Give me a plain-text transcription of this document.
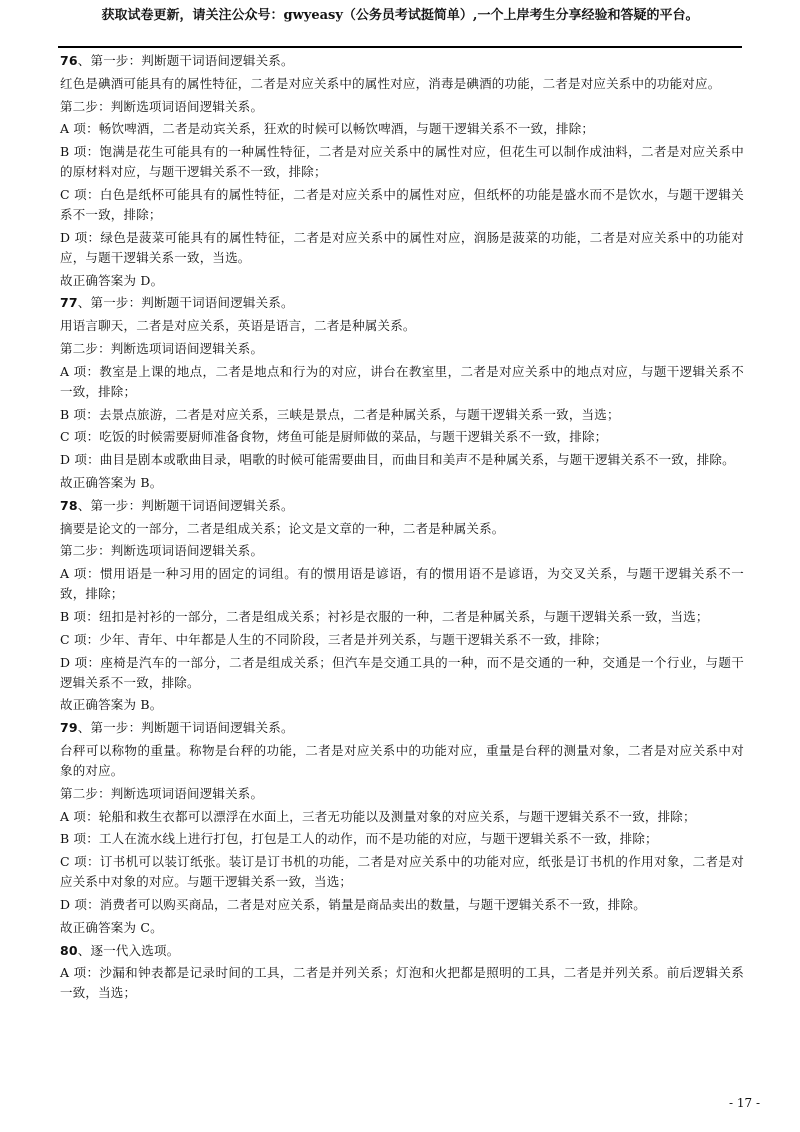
获取试卷更新，请关注公众号：gwyeasy（公务员考试挺简单）,一个上岸考生分享经验和答疑的平台。
76、第一步：判断题干词语间逻辑关系。
红色是碘酒可能具有的属性特征，二者是对应关系中的属性对应，消毒是碘酒的功能，二者是对应关系中的功能对应。
第二步：判断选项词语间逻辑关系。
A 项：畅饮啤酒，二者是动宾关系，狂欢的时候可以畅饮啤酒，与题干逻辑关系不一致，排除；
B 项：饱满是花生可能具有的一种属性特征，二者是对应关系中的属性对应，但花生可以制作成油料，二者是对应关系中的原材料对应，与题干逻辑关系不一致，排除；
C 项：白色是纸杯可能具有的属性特征，二者是对应关系中的属性对应，但纸杯的功能是盛水而不是饮水，与题干逻辑关系不一致，排除；
D 项：绿色是菠菜可能具有的属性特征，二者是对应关系中的属性对应，润肠是菠菜的功能，二者是对应关系中的功能对应，与题干逻辑关系一致，当选。
故正确答案为 D。
77、第一步：判断题干词语间逻辑关系。
用语言聊天，二者是对应关系，英语是语言，二者是种属关系。
第二步：判断选项词语间逻辑关系。
A 项：教室是上课的地点，二者是地点和行为的对应，讲台在教室里，二者是对应关系中的地点对应，与题干逻辑关系不一致，排除；
B 项：去景点旅游，二者是对应关系，三峡是景点，二者是种属关系，与题干逻辑关系一致，当选；
C 项：吃饭的时候需要厨师准备食物，烤鱼可能是厨师做的菜品，与题干逻辑关系不一致，排除；
D 项：曲目是剧本或歌曲目录，唱歌的时候可能需要曲目，而曲目和美声不是种属关系，与题干逻辑关系不一致，排除。
故正确答案为 B。
78、第一步：判断题干词语间逻辑关系。
摘要是论文的一部分，二者是组成关系；论文是文章的一种，二者是种属关系。
第二步：判断选项词语间逻辑关系。
A 项：惯用语是一种习用的固定的词组。有的惯用语是谚语，有的惯用语不是谚语，为交叉关系，与题干逻辑关系不一致，排除；
B 项：纽扣是衬衫的一部分，二者是组成关系；衬衫是衣服的一种，二者是种属关系，与题干逻辑关系一致，当选；
C 项：少年、青年、中年都是人生的不同阶段，三者是并列关系，与题干逻辑关系不一致，排除；
D 项：座椅是汽车的一部分，二者是组成关系；但汽车是交通工具的一种，而不是交通的一种，交通是一个行业，与题干逻辑关系不一致，排除。
故正确答案为 B。
79、第一步：判断题干词语间逻辑关系。
台秤可以称物的重量。称物是台秤的功能，二者是对应关系中的功能对应，重量是台秤的测量对象，二者是对应关系中对象的对应。
第二步：判断选项词语间逻辑关系。
A 项：轮船和救生衣都可以漂浮在水面上，三者无功能以及测量对象的对应关系，与题干逻辑关系不一致，排除；
B 项：工人在流水线上进行打包，打包是工人的动作，而不是功能的对应，与题干逻辑关系不一致，排除；
C 项：订书机可以装订纸张。装订是订书机的功能，二者是对应关系中的功能对应，纸张是订书机的作用对象，二者是对应关系中对象的对应。与题干逻辑关系一致，当选；
D 项：消费者可以购买商品，二者是对应关系，销量是商品卖出的数量，与题干逻辑关系不一致，排除。
故正确答案为 C。
80、逐一代入选项。
A 项：沙漏和钟表都是记录时间的工具，二者是并列关系；灯泡和火把都是照明的工具，二者是并列关系。前后逻辑关系一致，当选；
- 17 -
